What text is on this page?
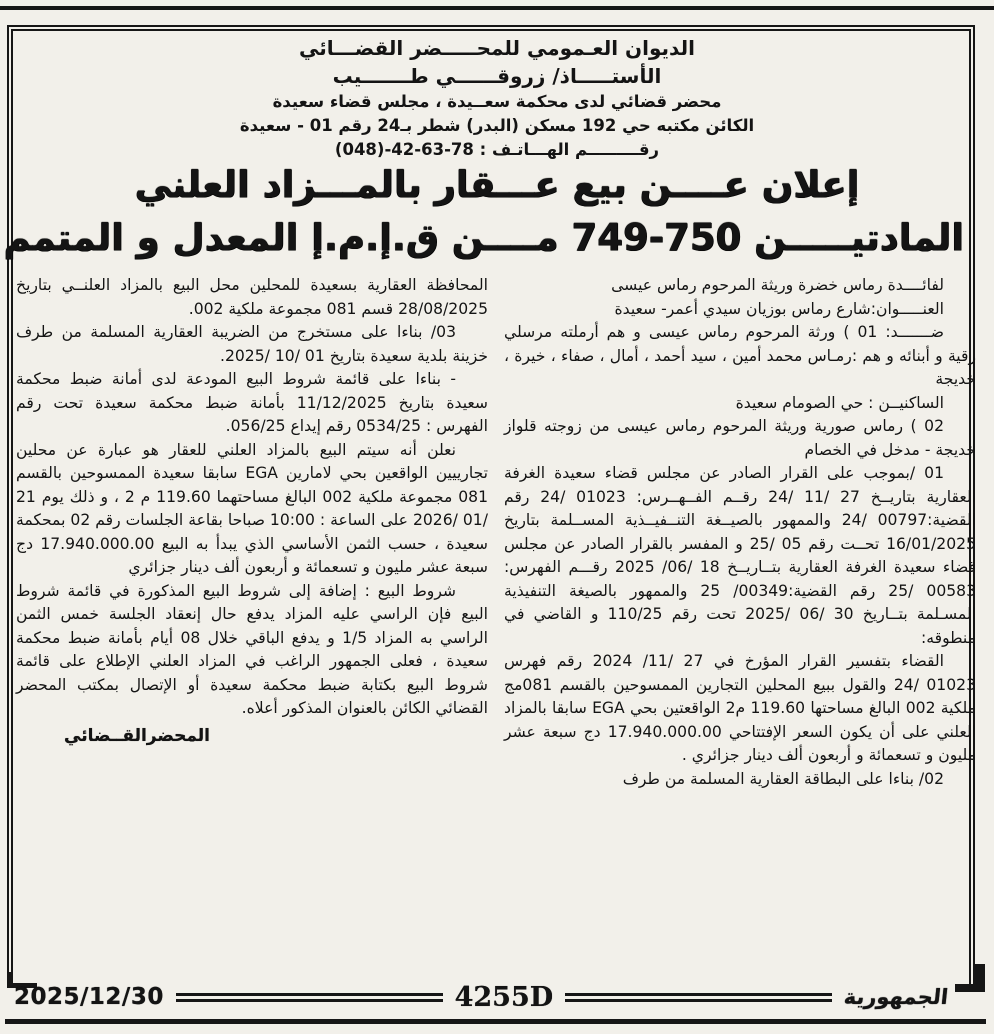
الديوان العـمومي للمحـــــضر القضـــائي
الأستـــــاذ/ زروقــــــي طـــــــيب
محضر قضائي لدى محكمة سعــيدة ، مجلس قضاء سعيدة
الكائن مكتبه حي 192 مسكن (البدر) شطر بـ24 رقم 01 - سعيدة
رقـــــــــم الهـــاتـف : (048)-42-63-78
إعلان عــــن بيع عـــقار بالمـــزاد العلني
المادتيـــــن 750-749 مــــن ق.إ.م.إ المعدل و المتمم

لفائــــدة رماس خضرة وريثة المرحوم رماس عيسى

العنـــــوان:شارع رماس بوزيان سيدي أعمر- سعيدة

ضـــــــد: 01 ) ورثة المرحوم رماس عيسى و هم أرملته مرسلي رقية و أبنائه و هم :رمـاس محمد أمين ، سيد أحمد ، أمال ، صفاء ، خيرة ، خديجة

الساكنيــن : حي الصومام سعيدة

02 ) رماس صورية وريثة المرحوم رماس عيسى من زوجته قلواز خديجة - مدخل في الخصام

01 /بموجب على القرار الصادر عن مجلس قضاء سعيدة الغرفة العقارية بتاريــخ 27 /11 /24 رقــم الفــهــرس: 01023 /24 رقم القضية:00797 /24 والممهور بالصيــغة التنــفيــذية المســلمة بتاريخ 16/01/2025 تحــت رقم 05 /25 و المفسر بالقرار الصادر عن مجلس قضاء سعيدة الغرفة العقارية بتــاريــخ 18 /06/ 2025 رقـــم الفهرس: 00583 /25 رقم القضية:00349/ 25 والممهور بالصيغة التنفيذية المسـلمة بتــاريخ 30 /06 /2025 تحت رقم 110/25 و القاضي في منطوقه:

القضاء بتفسير القرار المؤرخ في 27 /11/ 2024 رقم فهرس 01023 /24 والقول ببيع المحلين التجارين الممسوحين بالقسم 081مج ملكية 002 البالغ مساحتها 119.60 م2 الواقعتين بحي EGA سابقا بالمزاد العلني على أن يكون السعر الإفتتاحي 17.940.000.00 دج سبعة عشر مليون و تسعمائة و أربعون ألف دينار جزائري .

02/ بناءا على البطاقة العقارية المسلمة من طرف

المحافظة العقارية بسعيدة للمحلين محل البيع بالمزاد العلنــي بتاريخ 28/08/2025 قسم 081 مجموعة ملكية 002.

03/ بناءا على مستخرج من الضريبة العقارية المسلمة من طرف خزينة بلدية سعيدة بتاريخ 01 /10 /2025.

- بناءا على قائمة شروط البيع المودعة لدى أمانة ضبط محكمة سعيدة بتاريخ 11/12/2025 بأمانة ضبط محكمة سعيدة تحت رقم الفهرس : 0534/25 رقم إيداع 056/25.

نعلن أنه سيتم البيع بالمزاد العلني للعقار هو عبارة عن محلين تجارييين الواقعين بحي لامارين EGA سابقا سعيدة الممسوحين بالقسم 081 مجموعة ملكية 002 البالغ مساحتهما 119.60 م 2 ، و ذلك يوم 21 /01 /2026 على الساعة : 10:00 صباحا بقاعة الجلسات رقم 02 بمحكمة سعيدة ، حسب الثمن الأساسي الذي يبدأ به البيع 17.940.000.00 دج سبعة عشر مليون و تسعمائة و أربعون ألف دينار جزائري

شروط البيع : إضافة إلى شروط البيع المذكورة في قائمة شروط البيع فإن الراسي عليه المزاد يدفع حال إنعقاد الجلسة خمس الثمن الراسي به المزاد 1/5 و يدفع الباقي خلال 08 أيام بأمانة ضبط محكمة سعيدة ، فعلى الجمهور الراغب في المزاد العلني الإطلاع على قائمة شروط البيع بكتابة ضبط محكمة سعيدة أو الإتصال بمكتب المحضر القضائي الكائن بالعنوان المذكور أعلاه.

المحضرالقــضائي
2025/12/30	4255D	الجمهورية
